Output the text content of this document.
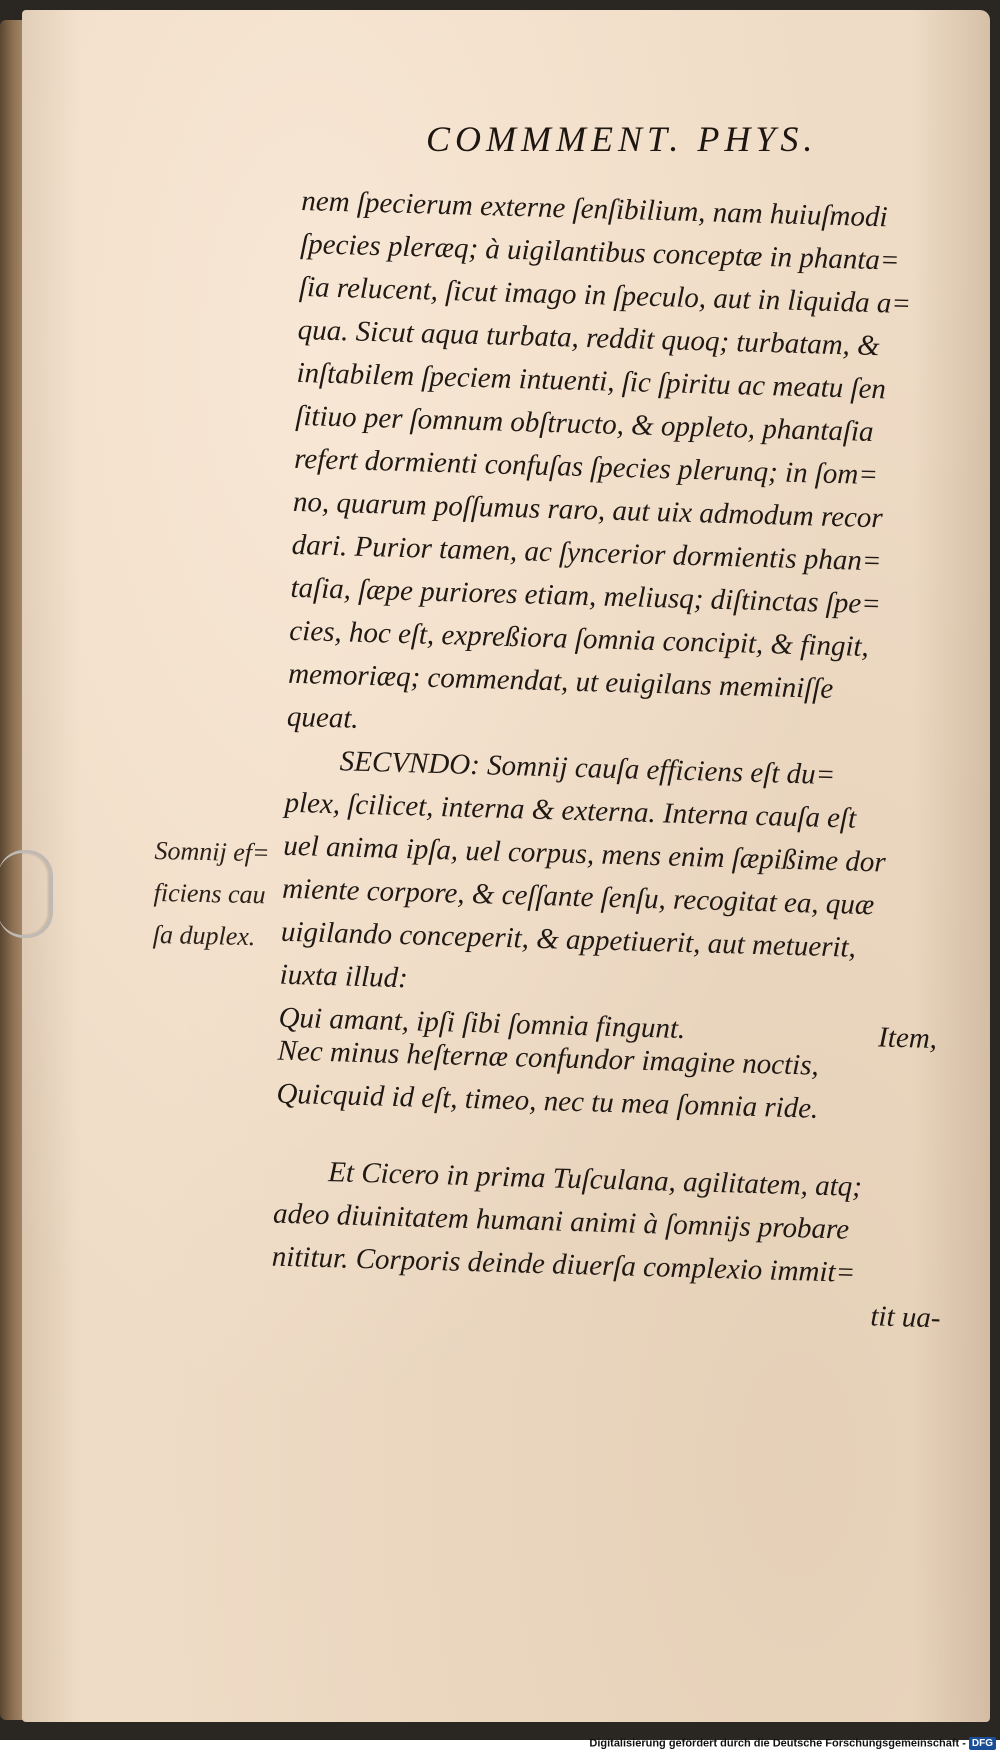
COMMMENT. PHYS.
nem ſpecierum externe ſenſibilium, nam huiuſmodi
ſpecies pleræq; à uigilantibus conceptæ in phanta=
ſia relucent, ſicut imago in ſpeculo, aut in liquida a=
qua. Sicut aqua turbata, reddit quoq; turbatam, &
inſtabilem ſpeciem intuenti, ſic ſpiritu ac meatu ſen
ſitiuo per ſomnum obſtructo, & oppleto, phantaſia
refert dormienti confuſas ſpecies plerunq; in ſom=
no, quarum poſſumus raro, aut uix admodum recor
dari. Purior tamen, ac ſyncerior dormientis phan=
taſia, ſæpe puriores etiam, meliusq; diſtinctas ſpe=
cies, hoc eſt, expreßiora ſomnia concipit, & fingit,
memoriæq; commendat, ut euigilans meminiſſe
queat.
SECVNDO: Somnij cauſa efficiens eſt du=
plex, ſcilicet, interna & externa. Interna cauſa eſt
uel anima ipſa, uel corpus, mens enim ſæpißime dor
miente corpore, & ceſſante ſenſu, recogitat ea, quæ
uigilando conceperit, & appetiuerit, aut metuerit,
iuxta illud:
Qui amant, ipſi ſibi ſomnia fingunt.	Item,
Nec minus heſternæ confundor imagine noctis,
Quicquid id eſt, timeo, nec tu mea ſomnia ride.
Et Cicero in prima Tuſculana, agilitatem, atq;
adeo diuinitatem humani animi à ſomnijs probare
nititur. Corporis deinde diuerſa complexio immit=
tit ua-
Somnij ef=
ficiens cau
ſa duplex.
Digitalisierung gefördert durch die Deutsche Forschungsgemeinschaft - DFG
